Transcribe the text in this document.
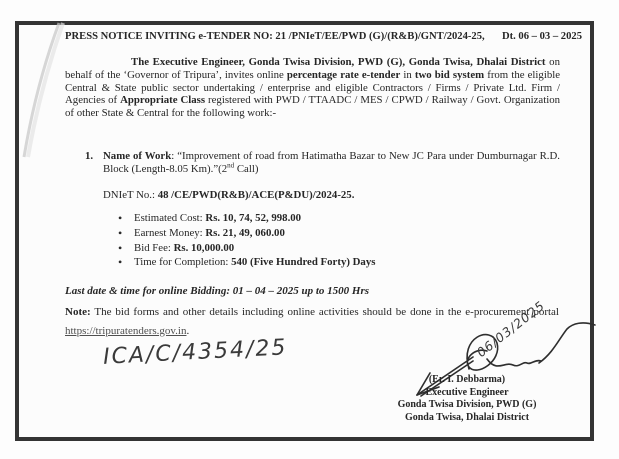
PRESS NOTICE INVITING e-TENDER NO: 21 /PNIeT/EE/PWD (G)/(R&B)/GNT/2024-25, Dt. 06 – 03 – 2025

The Executive Engineer, Gonda Twisa Division, PWD (G), Gonda Twisa, Dhalai District on behalf of the ‘Governor of Tripura’, invites online percentage rate e-tender in two bid system from the eligible Central & State public sector undertaking / enterprise and eligible Contractors / Firms / Private Ltd. Firm / Agencies of Appropriate Class registered with PWD / TTAADC / MES / CPWD / Railway / Govt. Organization of other State & Central for the following work:-

1. Name of Work: “Improvement of road from Hatimatha Bazar to New JC Para under Dumburnagar R.D. Block (Length-8.05 Km).”(2nd Call)
DNIeT No.: 48 /CE/PWD(R&B)/ACE(P&DU)/2024-25.
• Estimated Cost: Rs. 10, 74, 52, 998.00
• Earnest Money: Rs. 21, 49, 060.00
• Bid Fee: Rs. 10,000.00
• Time for Completion: 540 (Five Hundred Forty) Days
Last date & time for online Bidding: 01 – 04 – 2025 up to 1500 Hrs
Note: The bid forms and other details including online activities should be done in the e-procurement portal https://tripuratenders.gov.in.
ICA/C/4354/25	06/03/2025
(Er. I. Debbarma)
Executive Engineer
Gonda Twisa Division, PWD (G)
Gonda Twisa, Dhalai District
